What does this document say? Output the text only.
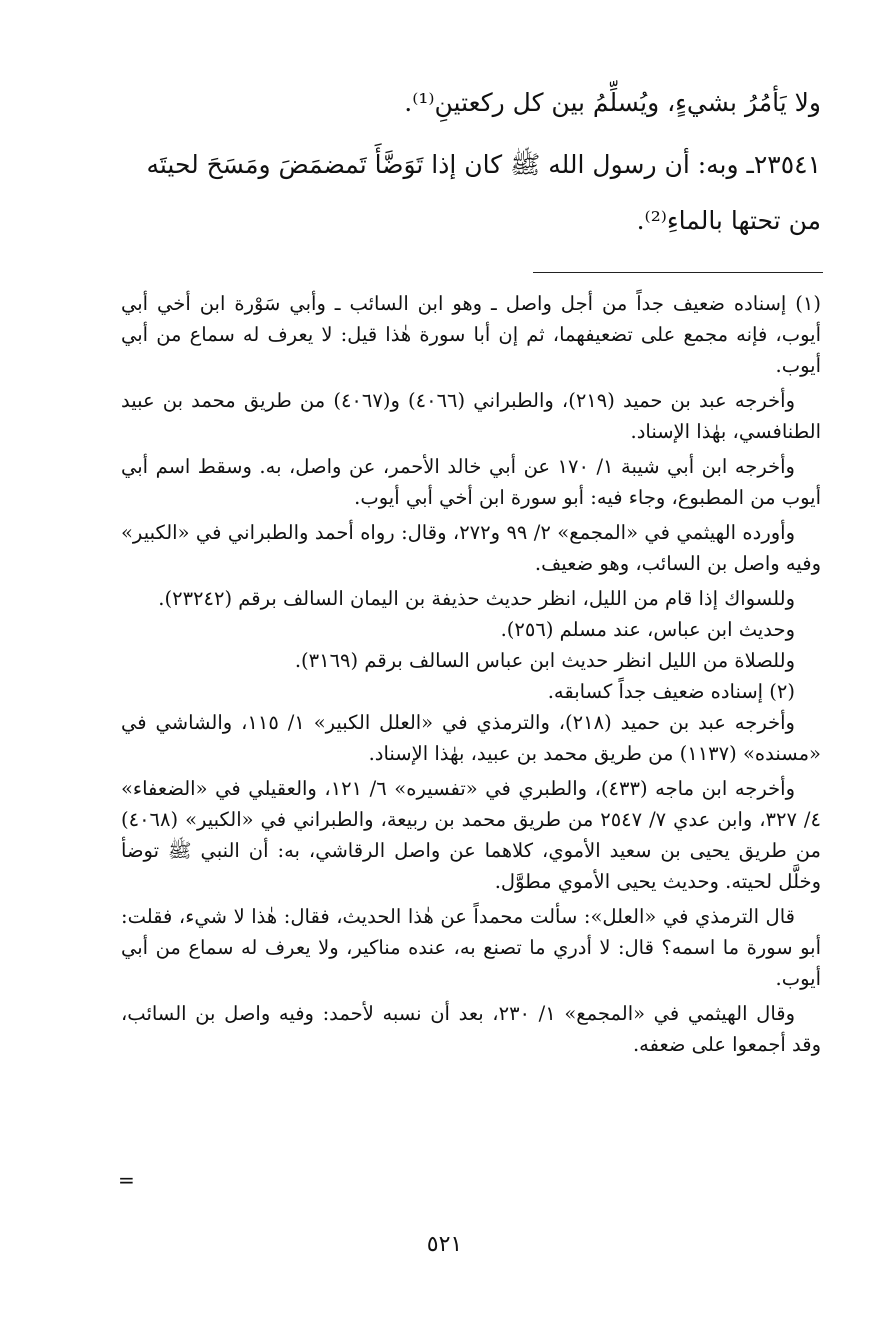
ولا يَأمُرُ بشيءٍ، ويُسلِّمُ بين كل ركعتينِ⁽¹⁾.

٢٣٥٤١ـ وبه: أن رسول الله ﷺ كان إذا تَوَضَّأَ تَمضمَضَ ومَسَحَ لحيتَه

من تحتها بالماءِ⁽²⁾.

(١) إسناده ضعيف جداً من أجل واصل ـ وهو ابن السائب ـ وأبي سَوْرة ابن أخي أبي أيوب، فإنه مجمع على تضعيفهما، ثم إن أبا سورة هٰذا قيل: لا يعرف له سماع من أبي أيوب.

وأخرجه عبد بن حميد (٢١٩)، والطبراني (٤٠٦٦) و(٤٠٦٧) من طريق محمد بن عبيد الطنافسي، بهٰذا الإسناد.

وأخرجه ابن أبي شيبة ١/ ١٧٠ عن أبي خالد الأحمر، عن واصل، به. وسقط اسم أبي أيوب من المطبوع، وجاء فيه: أبو سورة ابن أخي أبي أيوب.

وأورده الهيثمي في «المجمع» ٢/ ٩٩ و٢٧٢، وقال: رواه أحمد والطبراني في «الكبير» وفيه واصل بن السائب، وهو ضعيف.

وللسواك إذا قام من الليل، انظر حديث حذيفة بن اليمان السالف برقم (٢٣٢٤٢).

وحديث ابن عباس، عند مسلم (٢٥٦).

وللصلاة من الليل انظر حديث ابن عباس السالف برقم (٣١٦٩).

(٢) إسناده ضعيف جداً كسابقه.

وأخرجه عبد بن حميد (٢١٨)، والترمذي في «العلل الكبير» ١/ ١١٥، والشاشي في «مسنده» (١١٣٧) من طريق محمد بن عبيد، بهٰذا الإسناد.

وأخرجه ابن ماجه (٤٣٣)، والطبري في «تفسيره» ٦/ ١٢١، والعقيلي في «الضعفاء» ٤/ ٣٢٧، وابن عدي ٧/ ٢٥٤٧ من طريق محمد بن ربيعة، والطبراني في «الكبير» (٤٠٦٨) من طريق يحيى بن سعيد الأموي، كلاهما عن واصل الرقاشي، به: أن النبي ﷺ توضأ وخلَّل لحيته. وحديث يحيى الأموي مطوَّل.

قال الترمذي في «العلل»: سألت محمداً عن هٰذا الحديث، فقال: هٰذا لا شيء، فقلت: أبو سورة ما اسمه؟ قال: لا أدري ما تصنع به، عنده مناكير، ولا يعرف له سماع من أبي أيوب.

وقال الهيثمي في «المجمع» ١/ ٢٣٠، بعد أن نسبه لأحمد: وفيه واصل بن السائب، وقد أجمعوا على ضعفه.

=
٥٢١
